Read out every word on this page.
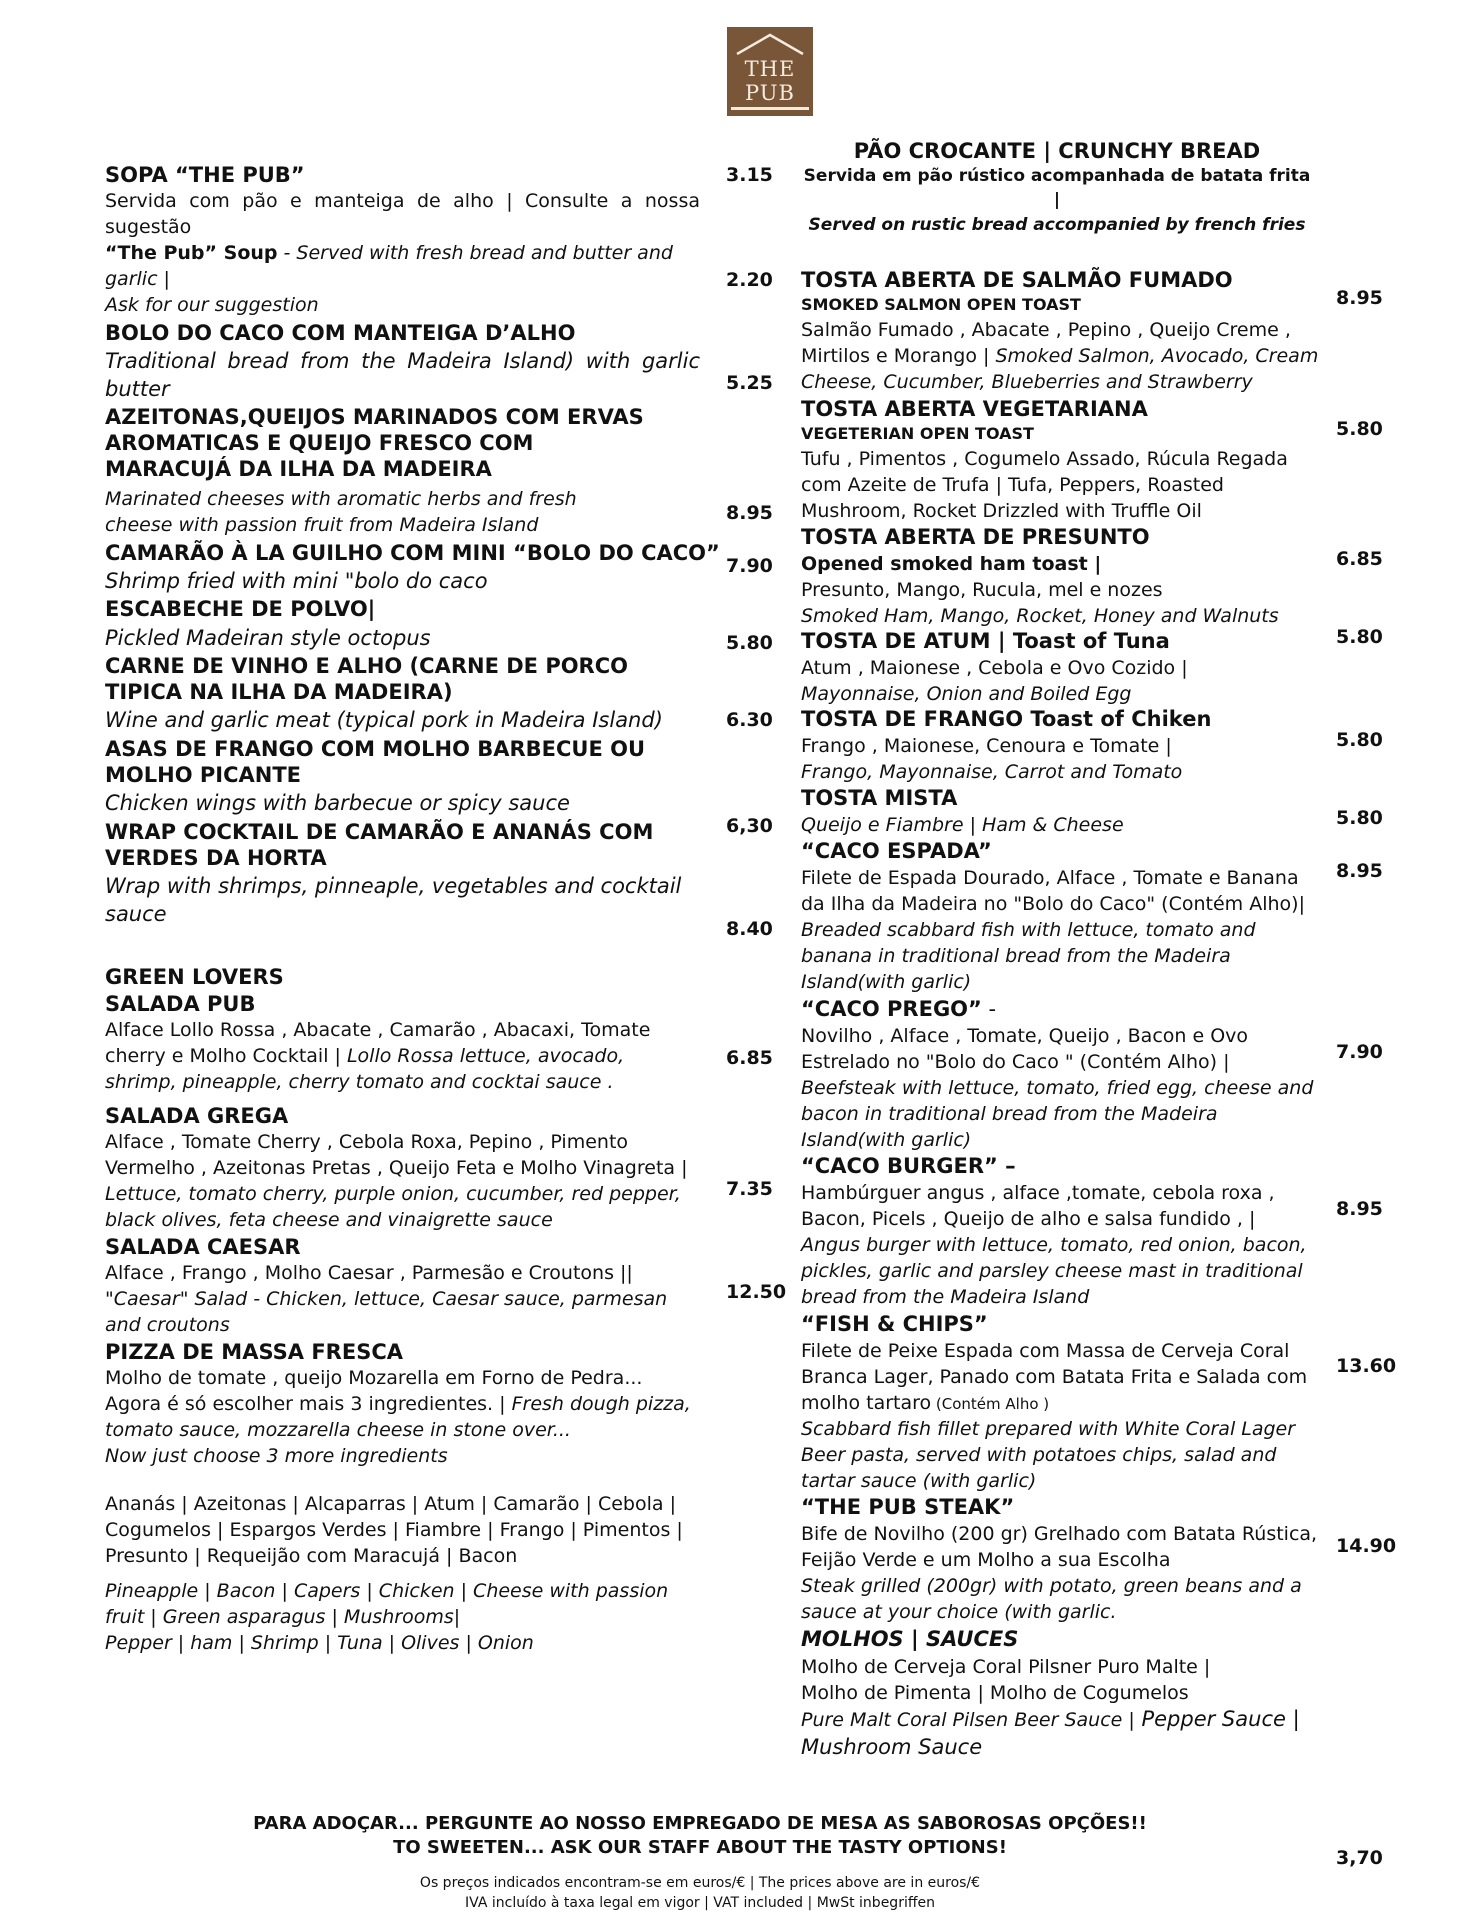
THE
PUB
SOPA “THE PUB”
Servida com pão e manteiga de alho | Consulte a nossa sugestão
“The Pub” Soup - Served with fresh bread and butter and garlic |
Ask for our suggestion
BOLO DO CACO COM MANTEIGA D’ALHO
Traditional bread from the Madeira Island) with garlic butter
AZEITONAS,QUEIJOS MARINADOS COM ERVAS AROMATICAS E QUEIJO FRESCO COM MARACUJÁ DA ILHA DA MADEIRA
Marinated cheeses with aromatic herbs and fresh cheese with passion fruit from Madeira Island
CAMARÃO À LA GUILHO COM MINI “BOLO DO CACO”
Shrimp fried with mini "bolo do caco
ESCABECHE DE POLVO|
Pickled Madeiran style octopus
CARNE DE VINHO E ALHO (CARNE DE PORCO TIPICA NA ILHA DA MADEIRA)
Wine and garlic meat (typical pork in Madeira Island)
ASAS DE FRANGO COM MOLHO BARBECUE OU MOLHO PICANTE
Chicken wings with barbecue or spicy sauce
WRAP COCKTAIL DE CAMARÃO E ANANÁS COM VERDES DA HORTA
Wrap with shrimps, pinneaple, vegetables and cocktail sauce
GREEN LOVERS
SALADA PUB
Alface Lollo Rossa , Abacate , Camarão , Abacaxi, Tomate cherry e Molho Cocktail | Lollo Rossa lettuce, avocado, shrimp, pineapple, cherry tomato and cocktai sauce .
SALADA GREGA
Alface , Tomate Cherry , Cebola Roxa, Pepino , Pimento Vermelho , Azeitonas Pretas , Queijo Feta e Molho Vinagreta | Lettuce, tomato cherry, purple onion, cucumber, red pepper, black olives, feta cheese and vinaigrette sauce
SALADA CAESAR
Alface , Frango , Molho Caesar , Parmesão e Croutons || "Caesar" Salad - Chicken, lettuce, Caesar sauce, parmesan and croutons
PIZZA DE MASSA FRESCA
Molho de tomate , queijo Mozarella em Forno de Pedra... Agora é só escolher mais 3 ingredientes. | Fresh dough pizza, tomato sauce, mozzarella cheese in stone over...
Now just choose 3 more ingredients
Ananás | Azeitonas | Alcaparras | Atum | Camarão | Cebola | Cogumelos | Espargos Verdes | Fiambre | Frango | Pimentos | Presunto | Requeijão com Maracujá | Bacon
Pineapple | Bacon | Capers | Chicken | Cheese with passion fruit | Green asparagus | Mushrooms|
Pepper | ham | Shrimp | Tuna | Olives | Onion
3.15
2.20
5.25
8.95
7.90
5.80
6.30
6,30
8.40
6.85
7.35
12.50
PÃO CROCANTE | CRUNCHY BREAD
Servida em pão rústico acompanhada de batata frita
|
Served on rustic bread accompanied by french fries
TOSTA ABERTA DE SALMÃO FUMADO
SMOKED SALMON OPEN TOAST
Salmão Fumado , Abacate , Pepino , Queijo Creme , Mirtilos e Morango | Smoked Salmon, Avocado, Cream Cheese, Cucumber, Blueberries and Strawberry
TOSTA ABERTA VEGETARIANA
VEGETERIAN OPEN TOAST
Tufu , Pimentos , Cogumelo Assado, Rúcula Regada com Azeite de Trufa | Tufa, Peppers, Roasted Mushroom, Rocket Drizzled with Truffle Oil
TOSTA ABERTA DE PRESUNTO
Opened smoked ham toast |
Presunto, Mango, Rucula, mel e nozes
Smoked Ham, Mango, Rocket, Honey and Walnuts
TOSTA DE ATUM | Toast of Tuna
Atum , Maionese , Cebola e Ovo Cozido |
Mayonnaise, Onion and Boiled Egg
TOSTA DE FRANGO Toast of Chiken
Frango , Maionese, Cenoura e Tomate |
Frango, Mayonnaise, Carrot and Tomato
TOSTA MISTA
Queijo e Fiambre | Ham & Cheese
“CACO ESPADA”
Filete de Espada Dourado, Alface , Tomate e Banana da Ilha da Madeira no "Bolo do Caco" (Contém Alho)| Breaded scabbard fish with lettuce, tomato and banana in traditional bread from the Madeira Island(with garlic)
“CACO PREGO” -
Novilho , Alface , Tomate, Queijo , Bacon e Ovo Estrelado no "Bolo do Caco " (Contém Alho) |
Beefsteak with lettuce, tomato, fried egg, cheese and bacon in traditional bread from the Madeira Island(with garlic)
“CACO BURGER” –
Hambúrguer angus , alface ,tomate, cebola roxa , Bacon, Picels , Queijo de alho e salsa fundido , |
Angus burger with lettuce, tomato, red onion, bacon, pickles, garlic and parsley cheese mast in traditional bread from the Madeira Island
“FISH & CHIPS”
Filete de Peixe Espada com Massa de Cerveja Coral Branca Lager, Panado com Batata Frita e Salada com molho tartaro (Contém Alho )
Scabbard fish fillet prepared with White Coral Lager Beer pasta, served with potatoes chips, salad and tartar sauce (with garlic)
“THE PUB STEAK”
Bife de Novilho (200 gr) Grelhado com Batata Rústica, Feijão Verde e um Molho a sua Escolha
Steak grilled (200gr) with potato, green beans and a sauce at your choice (with garlic.
MOLHOS | SAUCES
Molho de Cerveja Coral Pilsner Puro Malte |
Molho de Pimenta | Molho de Cogumelos
Pure Malt Coral Pilsen Beer Sauce | Pepper Sauce |
Mushroom Sauce
8.95
5.80
6.85
5.80
5.80
5.80
8.95
7.90
8.95
13.60
14.90
PARA ADOÇAR... PERGUNTE AO NOSSO EMPREGADO DE MESA AS SABOROSAS OPÇÕES!!
TO SWEETEN... ASK OUR STAFF ABOUT THE TASTY OPTIONS!	3,70
Os preços indicados encontram-se em euros/€ | The prices above are in euros/€
IVA incluído à taxa legal em vigor | VAT included | MwSt inbegriffen
